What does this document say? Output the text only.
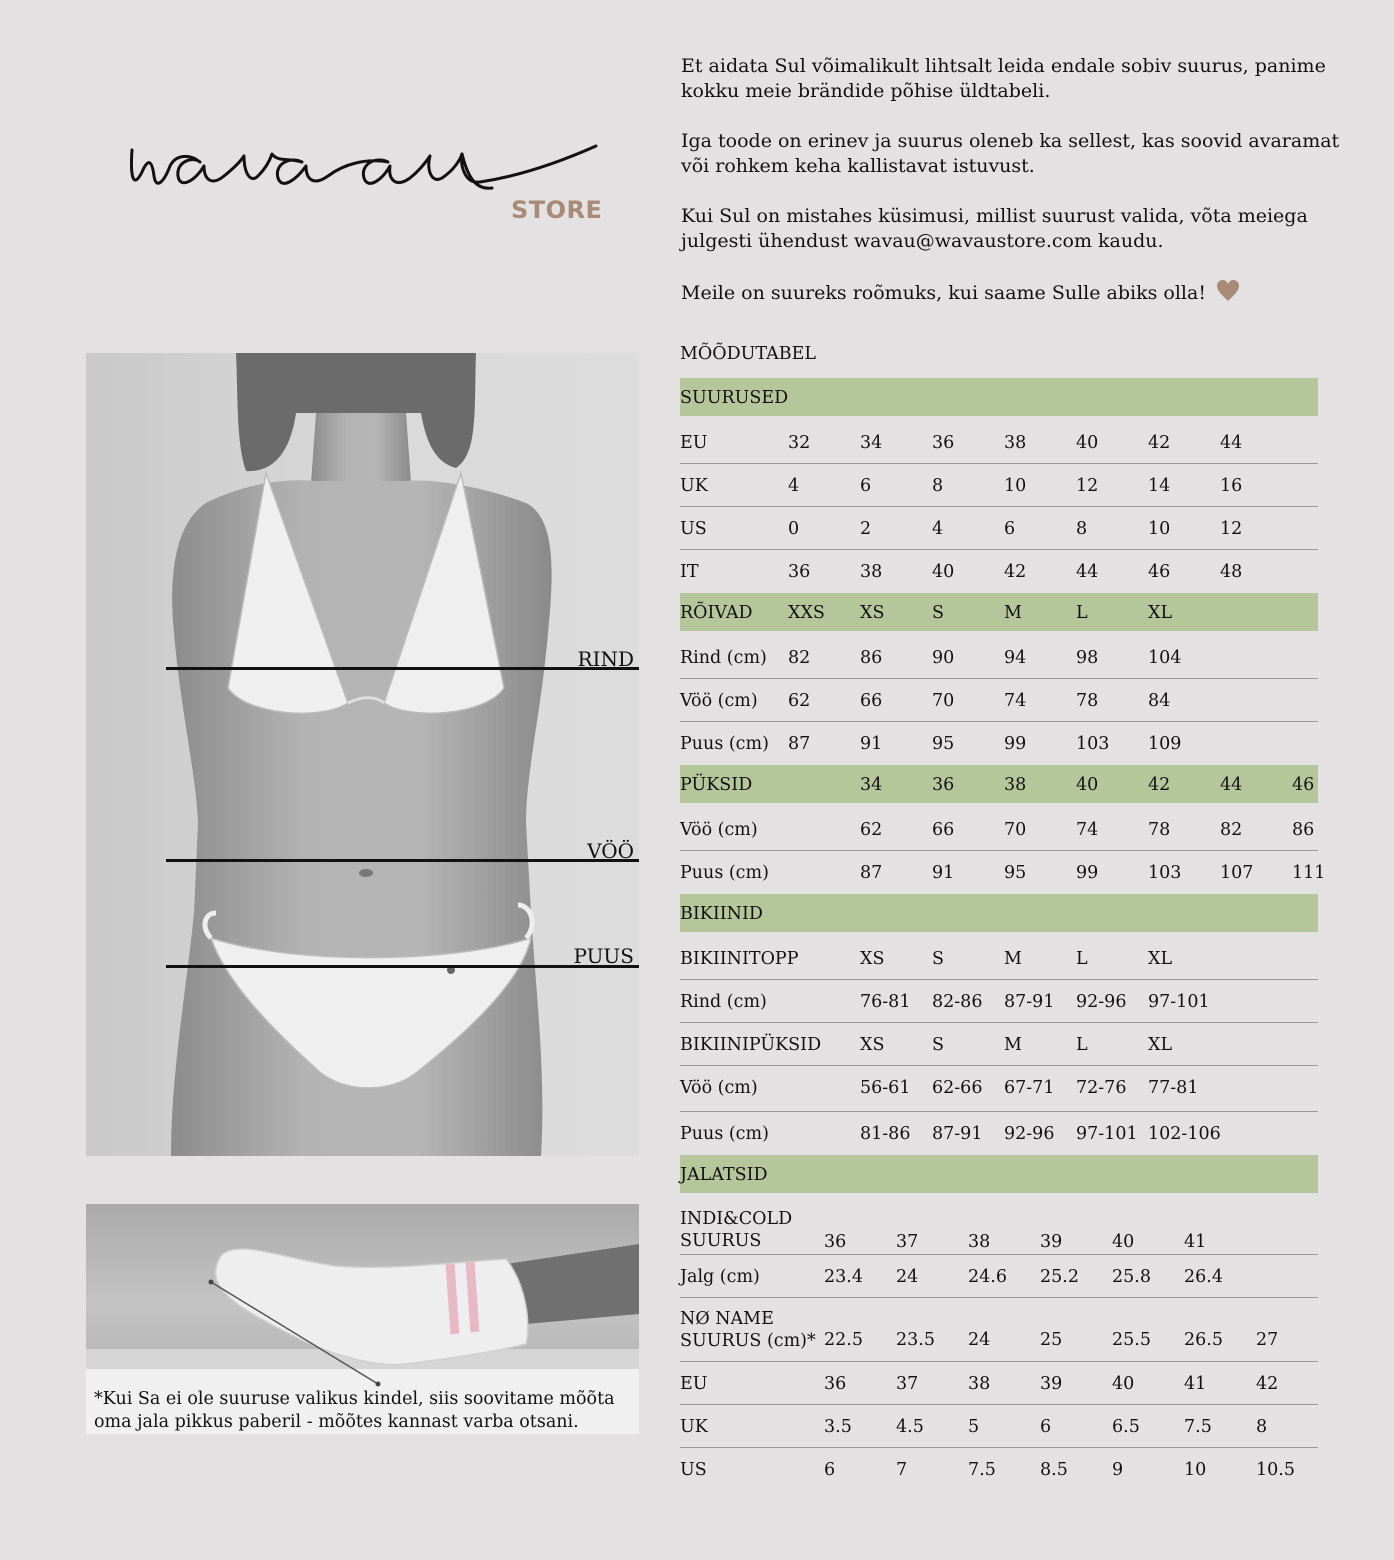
STORE

Et aidata Sul võimalikult lihtsalt leida endale sobiv suurus, panime kokku meie brändide põhise üldtabeli.

Iga toode on erinev ja suurus oleneb ka sellest, kas soovid avaramat või rohkem keha kallistavat istuvust.

Kui Sul on mistahes küsimusi, millist suurust valida, võta meiega julgesti ühendust wavau@wavaustore.com kaudu.

Meile on suureks roõmuks, kui saame Sulle abiks olla!

RIND
VÖÖ
PUUS
*Kui Sa ei ole suuruse valikus kindel, siis soovitame mõõta
oma jala pikkus paberil - mõõtes kannast varba otsani.
MÕÕDUTABEL
SUURUSED
EU	32	34	36	38	40	42	44
UK	4	6	8	10	12	14	16
US	0	2	4	6	8	10	12
IT	36	38	40	42	44	46	48
RÕIVAD XXS XS	S	M	L	XL
Rind (cm) 82	86	90	94	98	104
Vöö (cm) 62	66	70	74	78	84
Puus (cm) 87	91	95	99	103 109
PÜKSID	34	36	38	40	42	44	46
Vöö (cm)	62	66	70	74	78	82	86
Puus (cm)	87	91	95	99	103 107 111
BIKIINID
BIKIINITOPP	XS	S	M	L	XL
Rind (cm)	76-81 82-86 87-91 92-96 97-101
BIKIINIPÜKSID XS	S	M	L	XL
Vöö (cm)	56-61 62-66 67-71 72-76 77-81
Puus (cm)	81-86 87-91 92-96 97-101 102-106
JALATSID
INDI&COLD
SUURUS	36	37	38	39	40	41
Jalg (cm)	23.4 24	24.6 25.2 25.8 26.4
NØ NAME
SUURUS (cm)* 22.5 23.5 24	25	25.5 26.5 27
EU	36	37	38	39	40	41	42
UK	3.5	4.5	5	6	6.5	7.5	8
US	6	7	7.5	8.5	9	10	10.5
